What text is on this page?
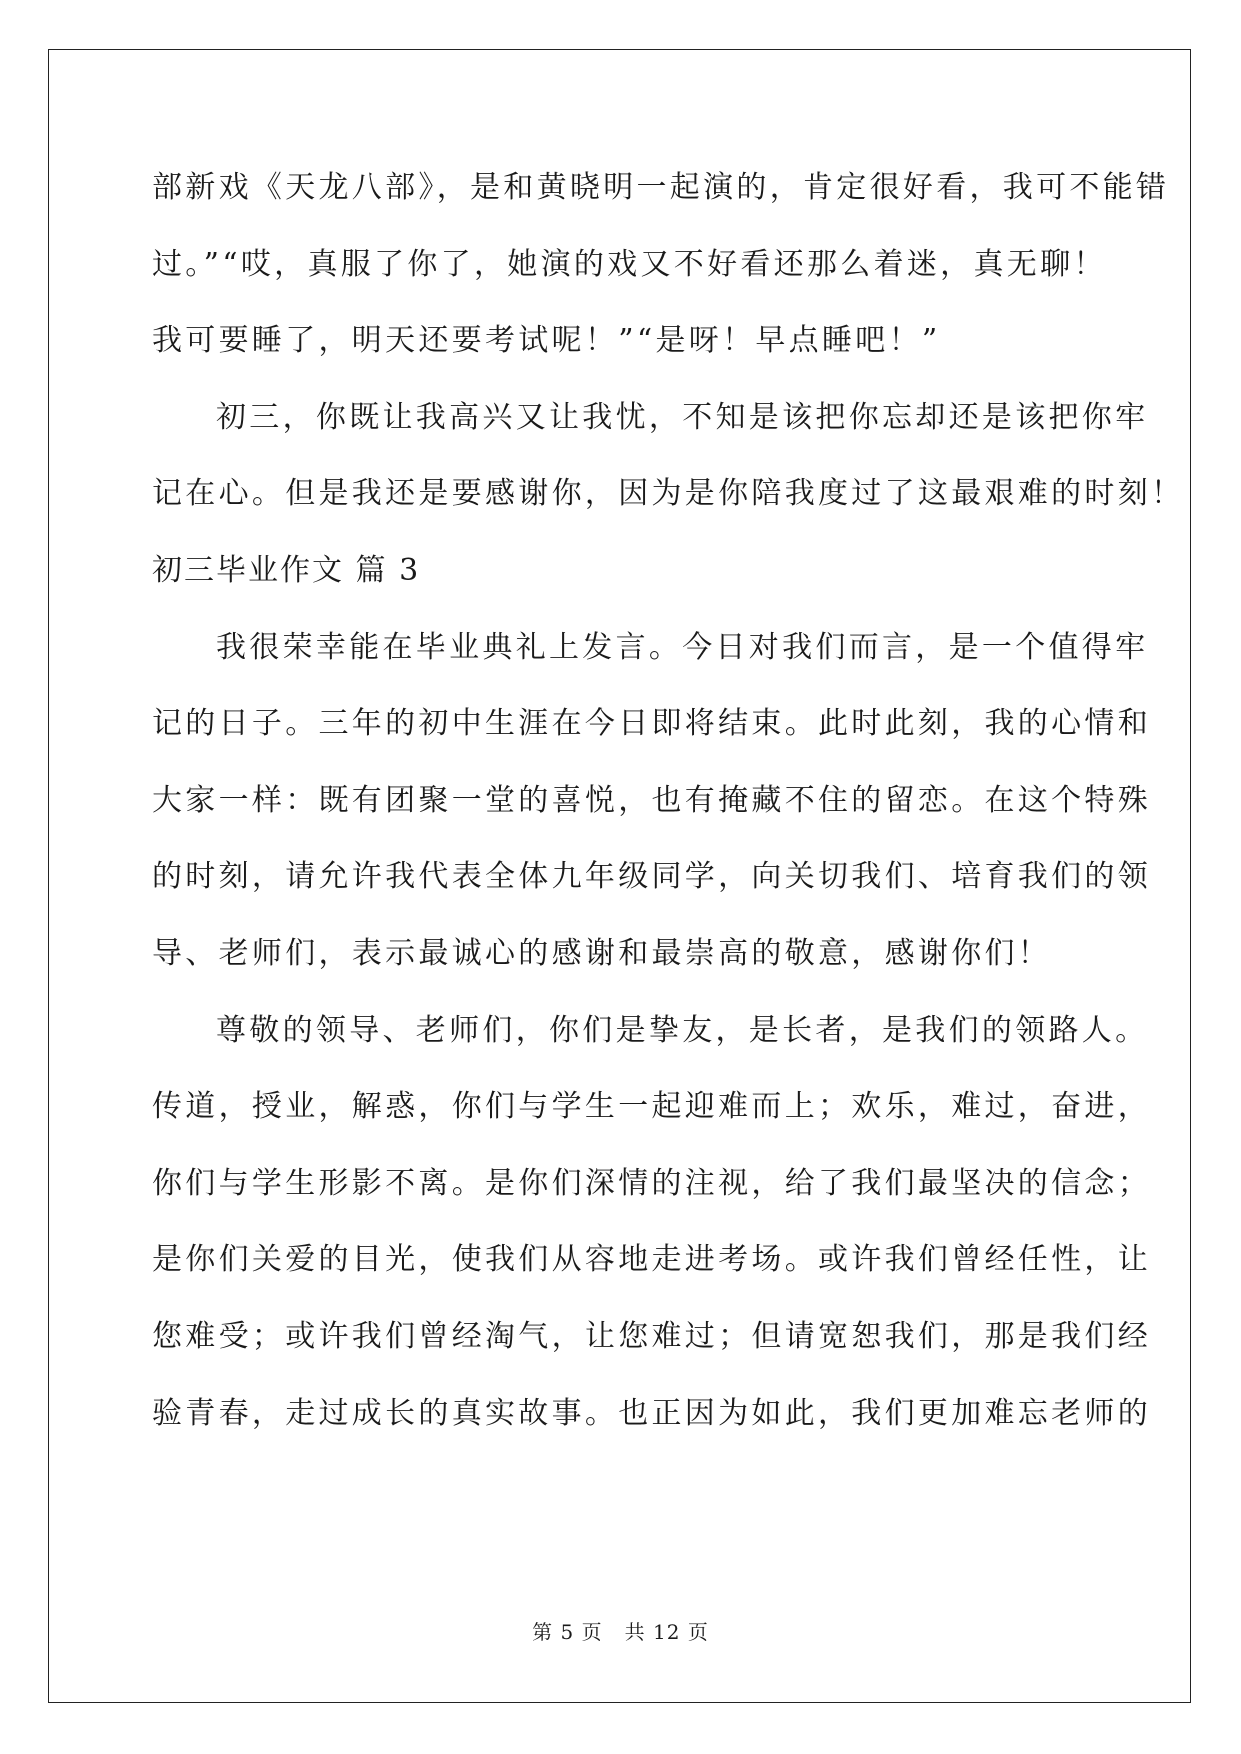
部新戏《天龙八部》，是和黄晓明一起演的，肯定很好看，我可不能错
过。”“哎，真服了你了，她演的戏又不好看还那么着迷，真无聊！
我可要睡了，明天还要考试呢！”“是呀！早点睡吧！”
初三，你既让我高兴又让我忧，不知是该把你忘却还是该把你牢
记在心。但是我还是要感谢你，因为是你陪我度过了这最艰难的时刻！
初三毕业作文 篇 3
我很荣幸能在毕业典礼上发言。今日对我们而言，是一个值得牢
记的日子。三年的初中生涯在今日即将结束。此时此刻，我的心情和
大家一样：既有团聚一堂的喜悦，也有掩藏不住的留恋。在这个特殊
的时刻，请允许我代表全体九年级同学，向关切我们、培育我们的领
导、老师们，表示最诚心的感谢和最崇高的敬意，感谢你们！
尊敬的领导、老师们，你们是挚友，是长者，是我们的领路人。
传道，授业，解惑，你们与学生一起迎难而上；欢乐，难过，奋进，
你们与学生形影不离。是你们深情的注视，给了我们最坚决的信念；
是你们关爱的目光，使我们从容地走进考场。或许我们曾经任性，让
您难受；或许我们曾经淘气，让您难过；但请宽恕我们，那是我们经
验青春，走过成长的真实故事。也正因为如此，我们更加难忘老师的
第 5 页   共 12 页
